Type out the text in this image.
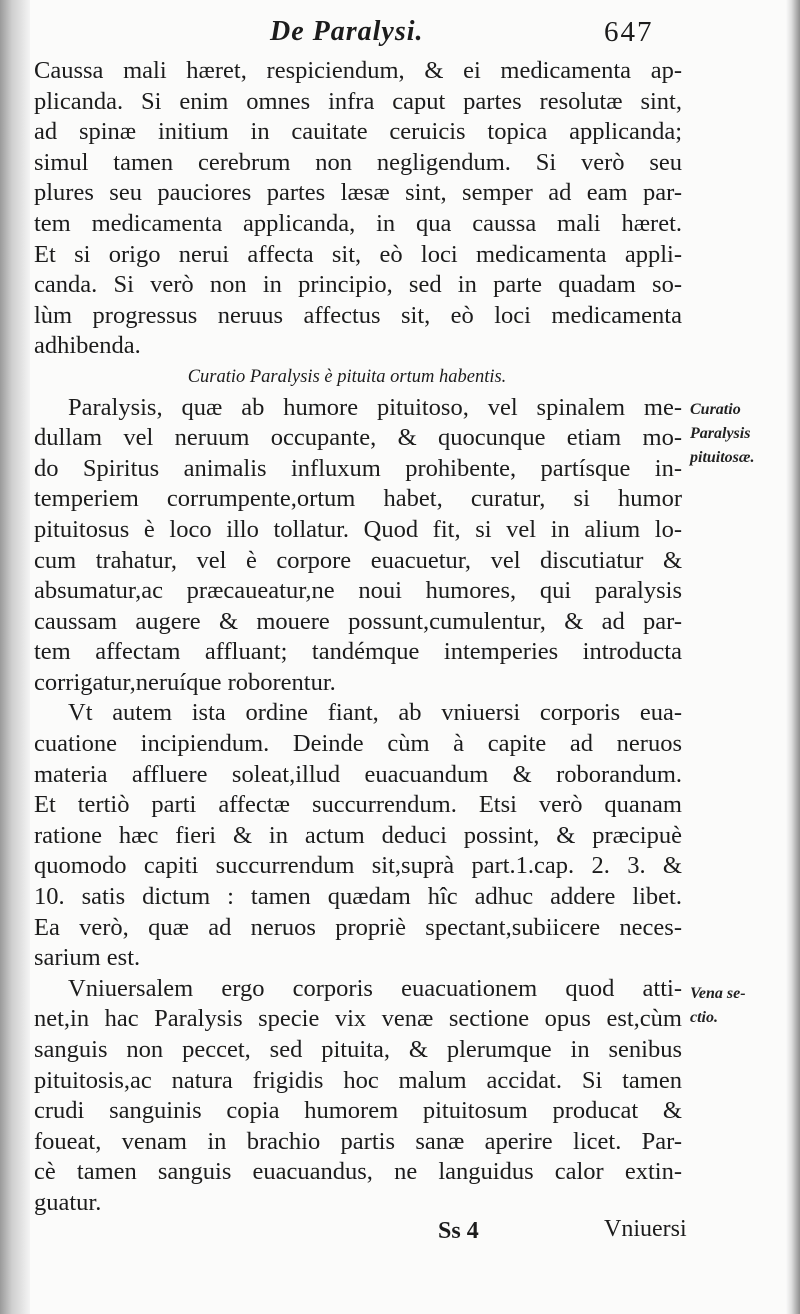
De Paralysi.	647
Caussa mali hæret, respiciendum, & ei medicamenta ap-
plicanda. Si enim omnes infra caput partes resolutæ sint,
ad spinæ initium in cauitate ceruicis topica applicanda;
simul tamen cerebrum non negligendum. Si verò seu
plures seu pauciores partes læsæ sint, semper ad eam par-
tem medicamenta applicanda, in qua caussa mali hæret.
Et si origo nerui affecta sit, eò loci medicamenta appli-
canda. Si verò non in principio, sed in parte quadam so-
lùm progressus neruus affectus sit, eò loci medicamenta
adhibenda.
Curatio Paralysis è pituita ortum habentis.
Paralysis, quæ ab humore pituitoso, vel spinalem me-
dullam vel neruum occupante, & quocunque etiam mo-
do Spiritus animalis influxum prohibente, partísque in-
temperiem corrumpente,ortum habet, curatur, si humor
pituitosus è loco illo tollatur. Quod fit, si vel in alium lo-
cum trahatur, vel è corpore euacuetur, vel discutiatur &
absumatur,ac præcaueatur,ne noui humores, qui paralysis
caussam augere & mouere possunt,cumulentur, & ad par-
tem affectam affluant; tandémque intemperies introducta
corrigatur,neruíque roborentur.
Vt autem ista ordine fiant, ab vniuersi corporis eua-
cuatione incipiendum. Deinde cùm à capite ad neruos
materia affluere soleat,illud euacuandum & roborandum.
Et tertiò parti affectæ succurrendum. Etsi verò quanam
ratione hæc fieri & in actum deduci possint, & præcipuè
quomodo capiti succurrendum sit,suprà part.1.cap. 2. 3. &
10. satis dictum : tamen quædam hîc adhuc addere libet.
Ea verò, quæ ad neruos propriè spectant,subiicere neces-
sarium est.
Vniuersalem ergo corporis euacuationem quod atti-
net,in hac Paralysis specie vix venæ sectione opus est,cùm
sanguis non peccet, sed pituita, & plerumque in senibus
pituitosis,ac natura frigidis hoc malum accidat. Si tamen
crudi sanguinis copia humorem pituitosum producat &
foueat, venam in brachio partis sanæ aperire licet. Par-
cè tamen sanguis euacuandus, ne languidus calor extin-
guatur.
Curatio
Paralysis
pituitosæ.
Vena se-
ctio.
Ss 4	Vniuersi
